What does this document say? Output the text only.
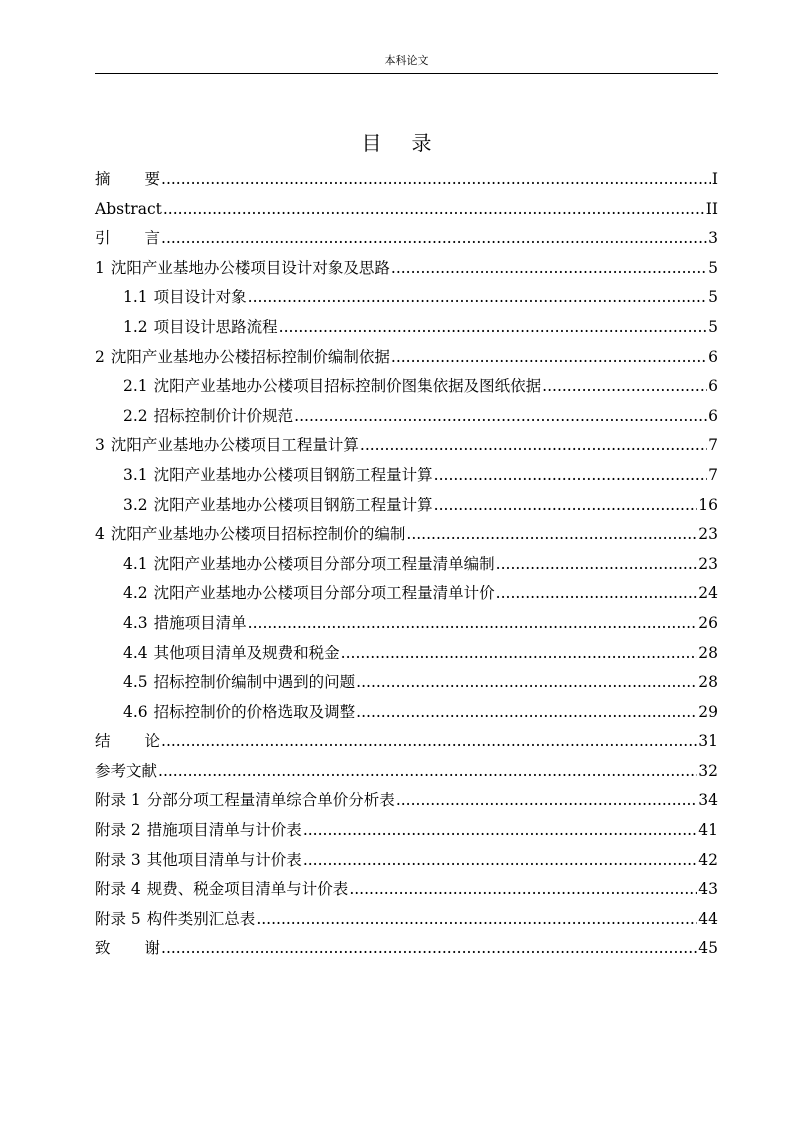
本科论文
目录
摘 要 .....	I
Abstract .....	II
引 言 .....	3
1 沈阳产业基地办公楼项目设计对象及思路 .....	5
1.1 项目设计对象 .....	5
1.2 项目设计思路流程 .....	5
2 沈阳产业基地办公楼招标控制价编制依据 .....	6
2.1 沈阳产业基地办公楼项目招标控制价图集依据及图纸依据 .....	6
2.2 招标控制价计价规范 .....	6
3 沈阳产业基地办公楼项目工程量计算 .....	7
3.1 沈阳产业基地办公楼项目钢筋工程量计算 .....	7
3.2 沈阳产业基地办公楼项目钢筋工程量计算 .....	16
4 沈阳产业基地办公楼项目招标控制价的编制 .....	23
4.1 沈阳产业基地办公楼项目分部分项工程量清单编制 .....	23
4.2 沈阳产业基地办公楼项目分部分项工程量清单计价 .....	24
4.3 措施项目清单 .....	26
4.4 其他项目清单及规费和税金 .....	28
4.5 招标控制价编制中遇到的问题 .....	28
4.6 招标控制价的价格选取及调整 .....	29
结 论 .....	31
参考文献 .....	32
附录 1 分部分项工程量清单综合单价分析表 .....	34
附录 2 措施项目清单与计价表 .....	41
附录 3 其他项目清单与计价表 .....	42
附录 4 规费、税金项目清单与计价表 .....	43
附录 5 构件类别汇总表 .....	44
致 谢 .....	45
